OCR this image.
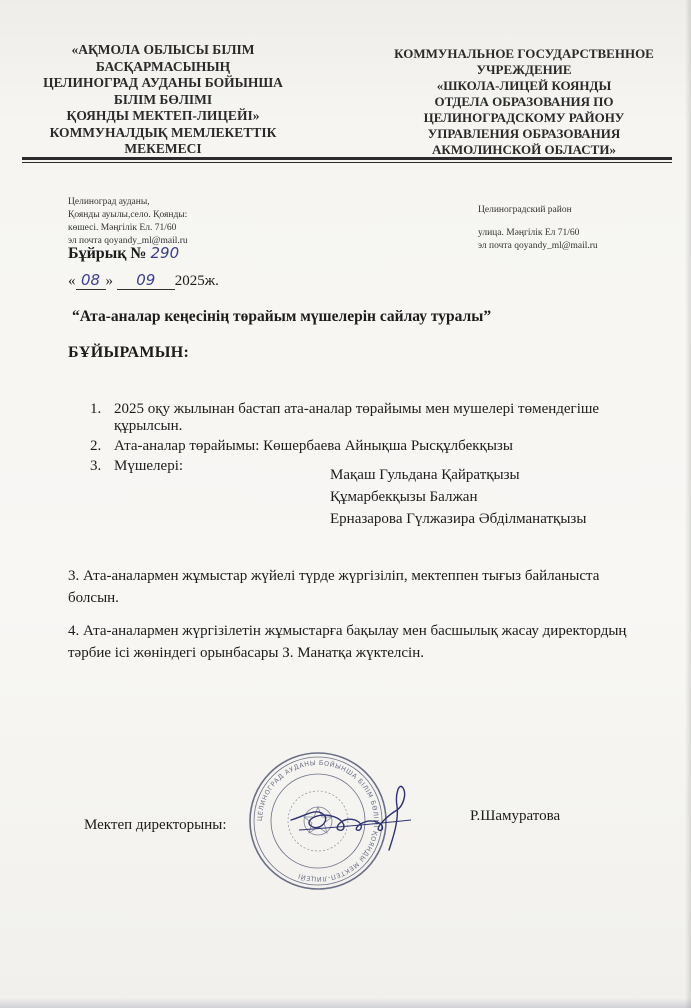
«АҚМОЛА ОБЛЫСЫ БІЛІМ
БАСҚАРМАСЫНЫҢ
ЦЕЛИНОГРАД АУДАНЫ БОЙЫНША
БІЛІМ БӨЛІМІ
ҚОЯНДЫ МЕКТЕП-ЛИЦЕЙІ»
КОММУНАЛДЫҚ МЕМЛЕКЕТТІК
МЕКЕМЕСІ
КОММУНАЛЬНОЕ ГОСУДАРСТВЕННОЕ
УЧРЕЖДЕНИЕ
«ШКОЛА-ЛИЦЕЙ КОЯНДЫ
ОТДЕЛА ОБРАЗОВАНИЯ ПО
ЦЕЛИНОГРАДСКОМУ РАЙОНУ
УПРАВЛЕНИЯ ОБРАЗОВАНИЯ
АКМОЛИНСКОЙ ОБЛАСТИ»
Целиноград ауданы,
Қоянды ауылы,село. Қоянды:
көшесі. Мәңгілік Ел. 71/60
эл почта qoyandy_ml@mail.ru
Целиноградский район
улица. Мәңгілік Ел 71/60
эл почта qoyandy_ml@mail.ru
Бұйрық № 290
« 08 » 09 2025ж.
“Ата-аналар кеңесінің төрайым мүшелерін сайлау туралы”
БҰЙЫРАМЫН:
1. 2025 оқу жылынан бастап ата-аналар төрайымы мен мушелері төмендегіше құрылсын.
2. Ата-аналар төрайымы: Көшербаева Айнықша Рысқұлбекқызы
3. Мүшелері:
Мақаш Гульдана Қайратқызы
Құмарбекқызы Балжан
Ерназарова Гүлжазира Әбділманатқызы
3. Ата-аналармен жұмыстар жүйелі түрде жүргізіліп, мектеппен тығыз байланыста болсын.
4. Ата-аналармен жүргізілетін жұмыстарға бақылау мен басшылық жасау директордың тәрбие ісі жөніндегі орынбасары З. Манатқа жүктелсін.
Мектеп директорыны:
Р.Шамуратова
ЦЕЛИНОГРАД АУДАНЫ БОЙЫНША БІЛІМ БӨЛІМІ ҚОЯНДЫ МЕКТЕП-ЛИЦЕЙІ
